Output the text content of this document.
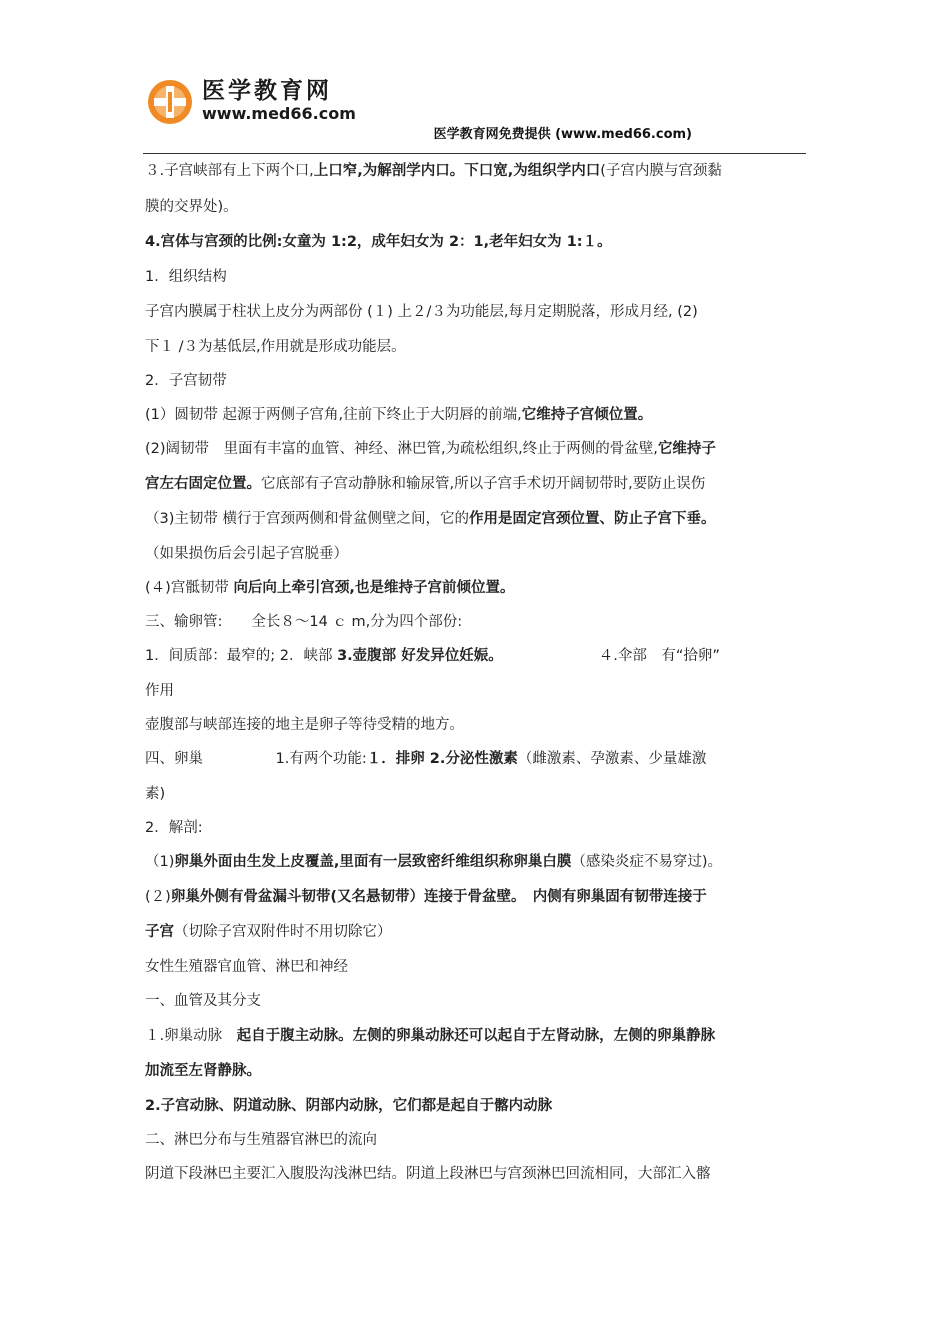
医学教育网
www.med66.com
医学教育网免费提供 (www.med66.com)
３.子宫峡部有上下两个口,上口窄,为解剖学内口。下口宽,为组织学内口(子宫内膜与宫颈黏
膜的交界处)。
4.宫体与宫颈的比例:女童为 1:2，成年妇女为 2：1,老年妇女为 1:１。
1．组织结构
子宫内膜属于柱状上皮分为两部份 (１) 上２/３为功能层,每月定期脱落，形成月经, (2)
下１ /３为基低层,作用就是形成功能层。
2．子宫韧带
(1）圆韧带 起源于两侧子宫角,往前下终止于大阴唇的前端,它维持子宫倾位置。
(2)阔韧带　里面有丰富的血管、神经、淋巴管,为疏松组织,终止于两侧的骨盆壁,它维持子
宫左右固定位置。它底部有子宫动静脉和输尿管,所以子宫手术切开阔韧带时,要防止误伤
（3)主韧带 横行于宫颈两侧和骨盆侧壁之间，它的作用是固定宫颈位置、防止子宫下垂。
（如果损伤后会引起子宫脱垂）
(４)宫骶韧带 向后向上牵引宫颈,也是维持子宫前倾位置。
三、输卵管:　　全长８～14 ｃ m,分为四个部份:
1．间质部：最窄的; 2．峡部 3.壶腹部 好发异位妊娠。	４.伞部　有“拾卵”
作用
壶腹部与峡部连接的地主是卵子等待受精的地方。
四、卵巢　　　　　1.有两个功能:１．排卵 2.分泌性激素（雌激素、孕激素、少量雄激
素)
2．解剖:
（1)卵巢外面由生发上皮覆盖,里面有一层致密纤维组织称卵巢白膜（感染炎症不易穿过)。
(２)卵巢外侧有骨盆漏斗韧带(又名悬韧带）连接于骨盆壁。　内侧有卵巢固有韧带连接于
子宫（切除子宫双附件时不用切除它）
女性生殖器官血管、淋巴和神经
一、血管及其分支
１.卵巢动脉　起自于腹主动脉。左侧的卵巢动脉还可以起自于左肾动脉，左侧的卵巢静脉
加流至左肾静脉。
2.子宫动脉、阴道动脉、阴部内动脉，它们都是起自于髂内动脉
二、淋巴分布与生殖器官淋巴的流向
阴道下段淋巴主要汇入腹股沟浅淋巴结。阴道上段淋巴与宫颈淋巴回流相同，大部汇入髂
